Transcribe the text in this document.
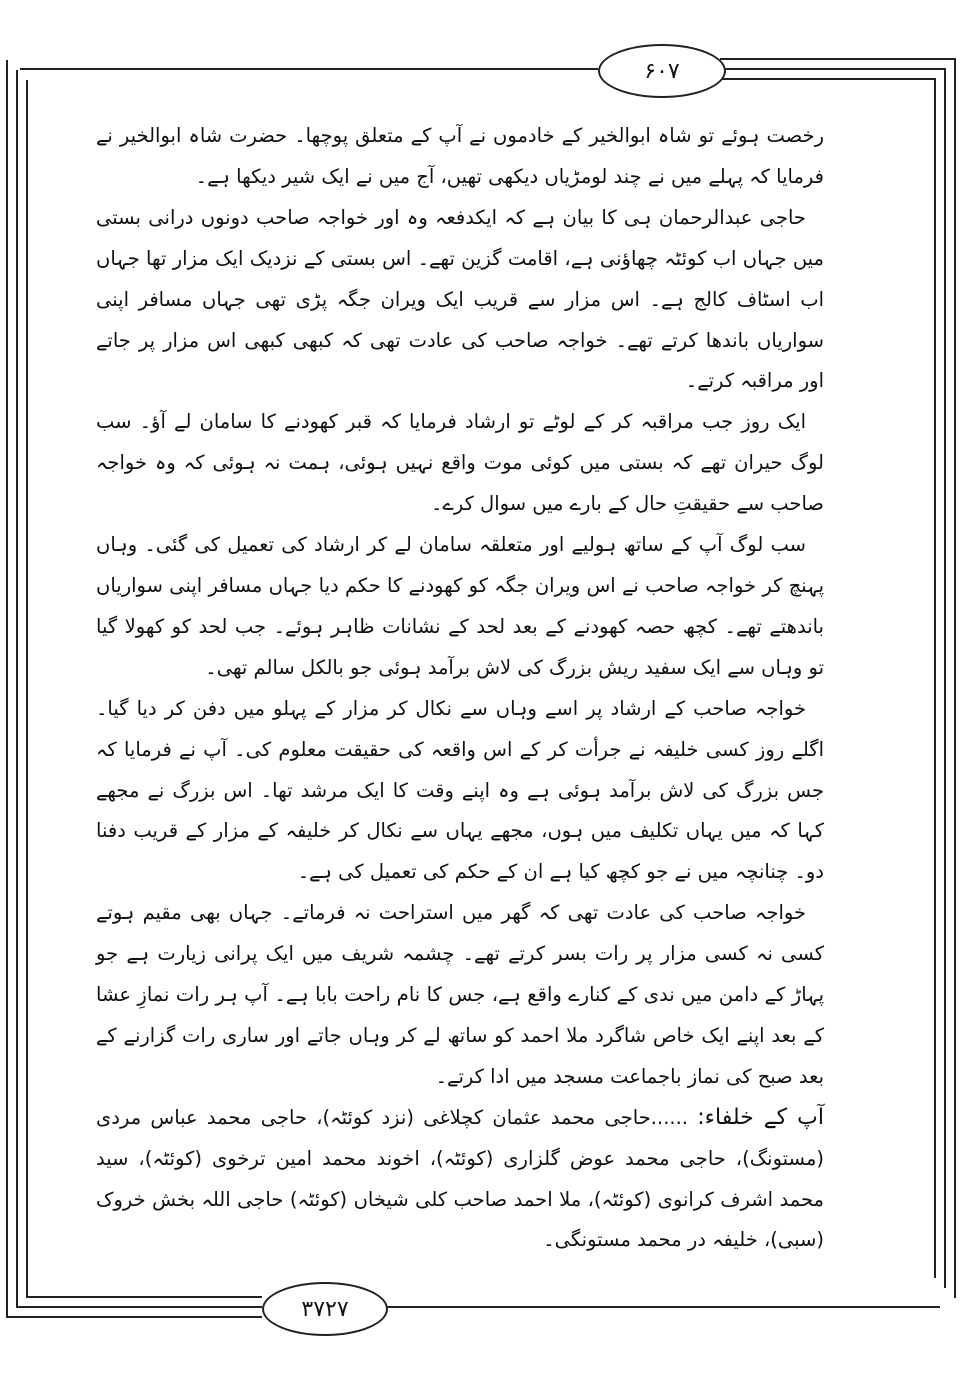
۶۰۷
۳۷۲۷

رخصت ہوئے تو شاہ ابوالخیر کے خادموں نے آپ کے متعلق پوچھا۔ حضرت شاہ ابوالخیر نے فرمایا کہ پہلے میں نے چند لومڑیاں دیکھی تھیں، آج میں نے ایک شیر دیکھا ہے۔

حاجی عبدالرحمان ہی کا بیان ہے کہ ایکدفعہ وہ اور خواجہ صاحب دونوں درانی بستی میں جہاں اب کوئٹہ چھاؤنی ہے، اقامت گزین تھے۔ اس بستی کے نزدیک ایک مزار تھا جہاں اب اسٹاف کالج ہے۔ اس مزار سے قریب ایک ویران جگہ پڑی تھی جہاں مسافر اپنی سواریاں باندھا کرتے تھے۔ خواجہ صاحب کی عادت تھی کہ کبھی کبھی اس مزار پر جاتے اور مراقبہ کرتے۔

ایک روز جب مراقبہ کر کے لوٹے تو ارشاد فرمایا کہ قبر کھودنے کا سامان لے آؤ۔ سب لوگ حیران تھے کہ بستی میں کوئی موت واقع نہیں ہوئی، ہمت نہ ہوئی کہ وہ خواجہ صاحب سے حقیقتِ حال کے بارے میں سوال کرے۔

سب لوگ آپ کے ساتھ ہولیے اور متعلقہ سامان لے کر ارشاد کی تعمیل کی گئی۔ وہاں پہنچ کر خواجہ صاحب نے اس ویران جگہ کو کھودنے کا حکم دیا جہاں مسافر اپنی سواریاں باندھتے تھے۔ کچھ حصہ کھودنے کے بعد لحد کے نشانات ظاہر ہوئے۔ جب لحد کو کھولا گیا تو وہاں سے ایک سفید ریش بزرگ کی لاش برآمد ہوئی جو بالکل سالم تھی۔

خواجہ صاحب کے ارشاد پر اسے وہاں سے نکال کر مزار کے پہلو میں دفن کر دیا گیا۔ اگلے روز کسی خلیفہ نے جرأت کر کے اس واقعہ کی حقیقت معلوم کی۔ آپ نے فرمایا کہ جس بزرگ کی لاش برآمد ہوئی ہے وہ اپنے وقت کا ایک مرشد تھا۔ اس بزرگ نے مجھے کہا کہ میں یہاں تکلیف میں ہوں، مجھے یہاں سے نکال کر خلیفہ کے مزار کے قریب دفنا دو۔ چنانچہ میں نے جو کچھ کیا ہے ان کے حکم کی تعمیل کی ہے۔

خواجہ صاحب کی عادت تھی کہ گھر میں استراحت نہ فرماتے۔ جہاں بھی مقیم ہوتے کسی نہ کسی مزار پر رات بسر کرتے تھے۔ چشمہ شریف میں ایک پرانی زیارت ہے جو پہاڑ کے دامن میں ندی کے کنارے واقع ہے، جس کا نام راحت بابا ہے۔ آپ ہر رات نمازِ عشا کے بعد اپنے ایک خاص شاگرد ملا احمد کو ساتھ لے کر وہاں جاتے اور ساری رات گزارنے کے بعد صبح کی نماز باجماعت مسجد میں ادا کرتے۔

آپ کے خلفاء: ......حاجی محمد عثمان کچلاغی (نزد کوئٹہ)، حاجی محمد عباس مردی (مستونگ)، حاجی محمد عوض گلزاری (کوئٹہ)، اخوند محمد امین ترخوی (کوئٹہ)، سید محمد اشرف کرانوی (کوئٹہ)، ملا احمد صاحب کلی شیخاں (کوئٹہ) حاجی اللہ بخش خروک (سبی)، خلیفہ در محمد مستونگی۔
